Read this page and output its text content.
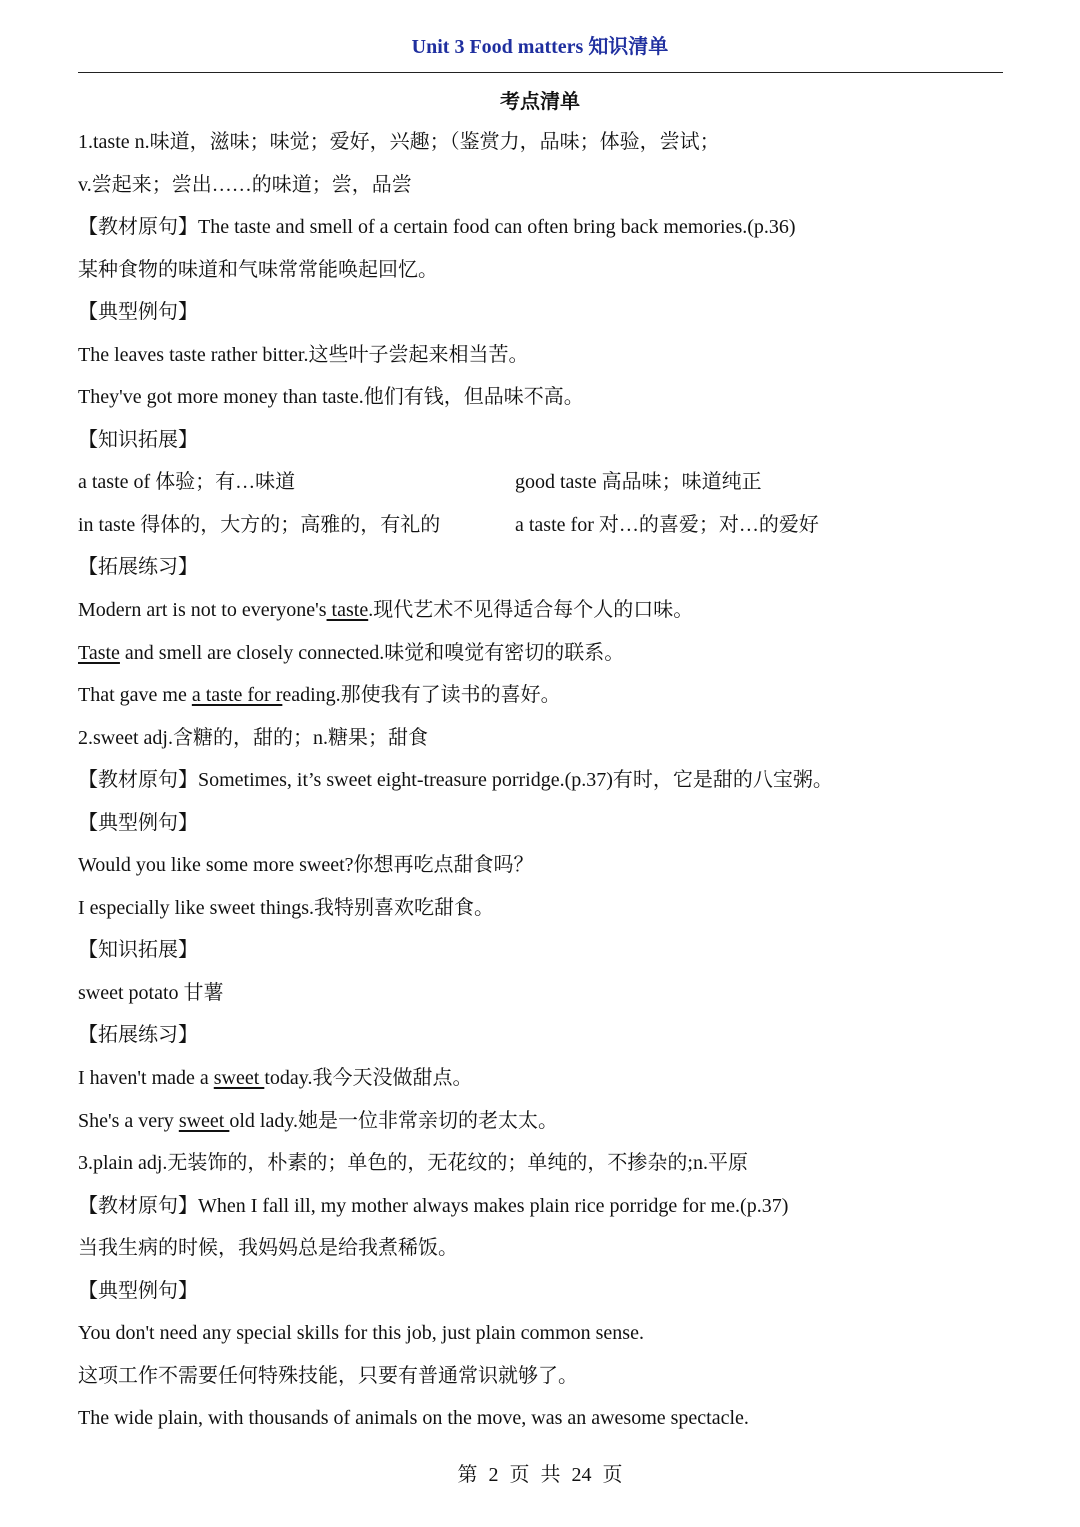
Unit 3 Food matters 知识清单
考点清单
1.taste n.味道，滋味；味觉；爱好，兴趣；（鉴赏力，品味；体验，尝试；
v.尝起来；尝出……的味道；尝，品尝
【教材原句】The taste and smell of a certain food can often bring back memories.(p.36)
某种食物的味道和气味常常能唤起回忆。
【典型例句】
The leaves taste rather bitter.这些叶子尝起来相当苦。
They've got more money than taste.他们有钱，但品味不高。
【知识拓展】
a taste of 体验；有…味道	good taste 高品味；味道纯正
in taste 得体的，大方的；高雅的，有礼的	a taste for 对…的喜爱；对…的爱好
【拓展练习】
Modern art is not to everyone's taste.现代艺术不见得适合每个人的口味。
Taste and smell are closely connected.味觉和嗅觉有密切的联系。
That gave me a taste for reading.那使我有了读书的喜好。
2.sweet adj.含糖的，甜的；n.糖果；甜食
【教材原句】Sometimes, it’s sweet eight-treasure porridge.(p.37)有时，它是甜的八宝粥。
【典型例句】
Would you like some more sweet?你想再吃点甜食吗？
I especially like sweet things.我特别喜欢吃甜食。
【知识拓展】
sweet potato 甘薯
【拓展练习】
I haven't made a sweet today.我今天没做甜点。
She's a very sweet old lady.她是一位非常亲切的老太太。
3.plain adj.无装饰的，朴素的；单色的，无花纹的；单纯的，不掺杂的;n.平原
【教材原句】When I fall ill, my mother always makes plain rice porridge for me.(p.37)
当我生病的时候，我妈妈总是给我煮稀饭。
【典型例句】
You don't need any special skills for this job, just plain common sense.
这项工作不需要任何特殊技能，只要有普通常识就够了。
The wide plain, with thousands of animals on the move, was an awesome spectacle.
第 2 页 共 24 页
